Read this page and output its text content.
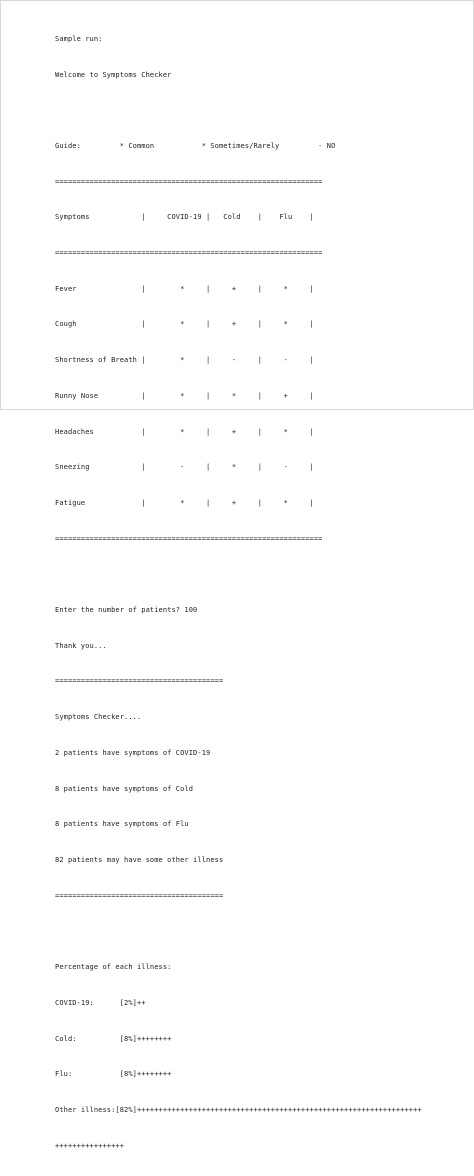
Sample run:

Welcome to Symptoms Checker

Guide:         * Common           * Sometimes/Rarely         - NO

==============================================================

Symptoms            |     COVID-19 |   Cold    |    Flu    |

==============================================================

Fever               |        *     |     +     |     *     |

Cough               |        *     |     +     |     *     |

Shortness of Breath |        *     |     -     |     -     |

Runny Nose          |        *     |     *     |     +     |

Headaches           |        *     |     +     |     *     |

Sneezing            |        -     |     *     |     -     |

Fatigue             |        *     |     +     |     *     |

==============================================================

Enter the number of patients? 100

Thank you...

=======================================

Symptoms Checker....

2 patients have symptoms of COVID-19

8 patients have symptoms of Cold

8 patients have symptoms of Flu

82 patients may have some other illness

=======================================

Percentage of each illness:

COVID-19:      [2%]++

Cold:          [8%]++++++++

Flu:           [8%]++++++++

Other illness:[82%]++++++++++++++++++++++++++++++++++++++++++++++++++++++++++++++++++

++++++++++++++++
